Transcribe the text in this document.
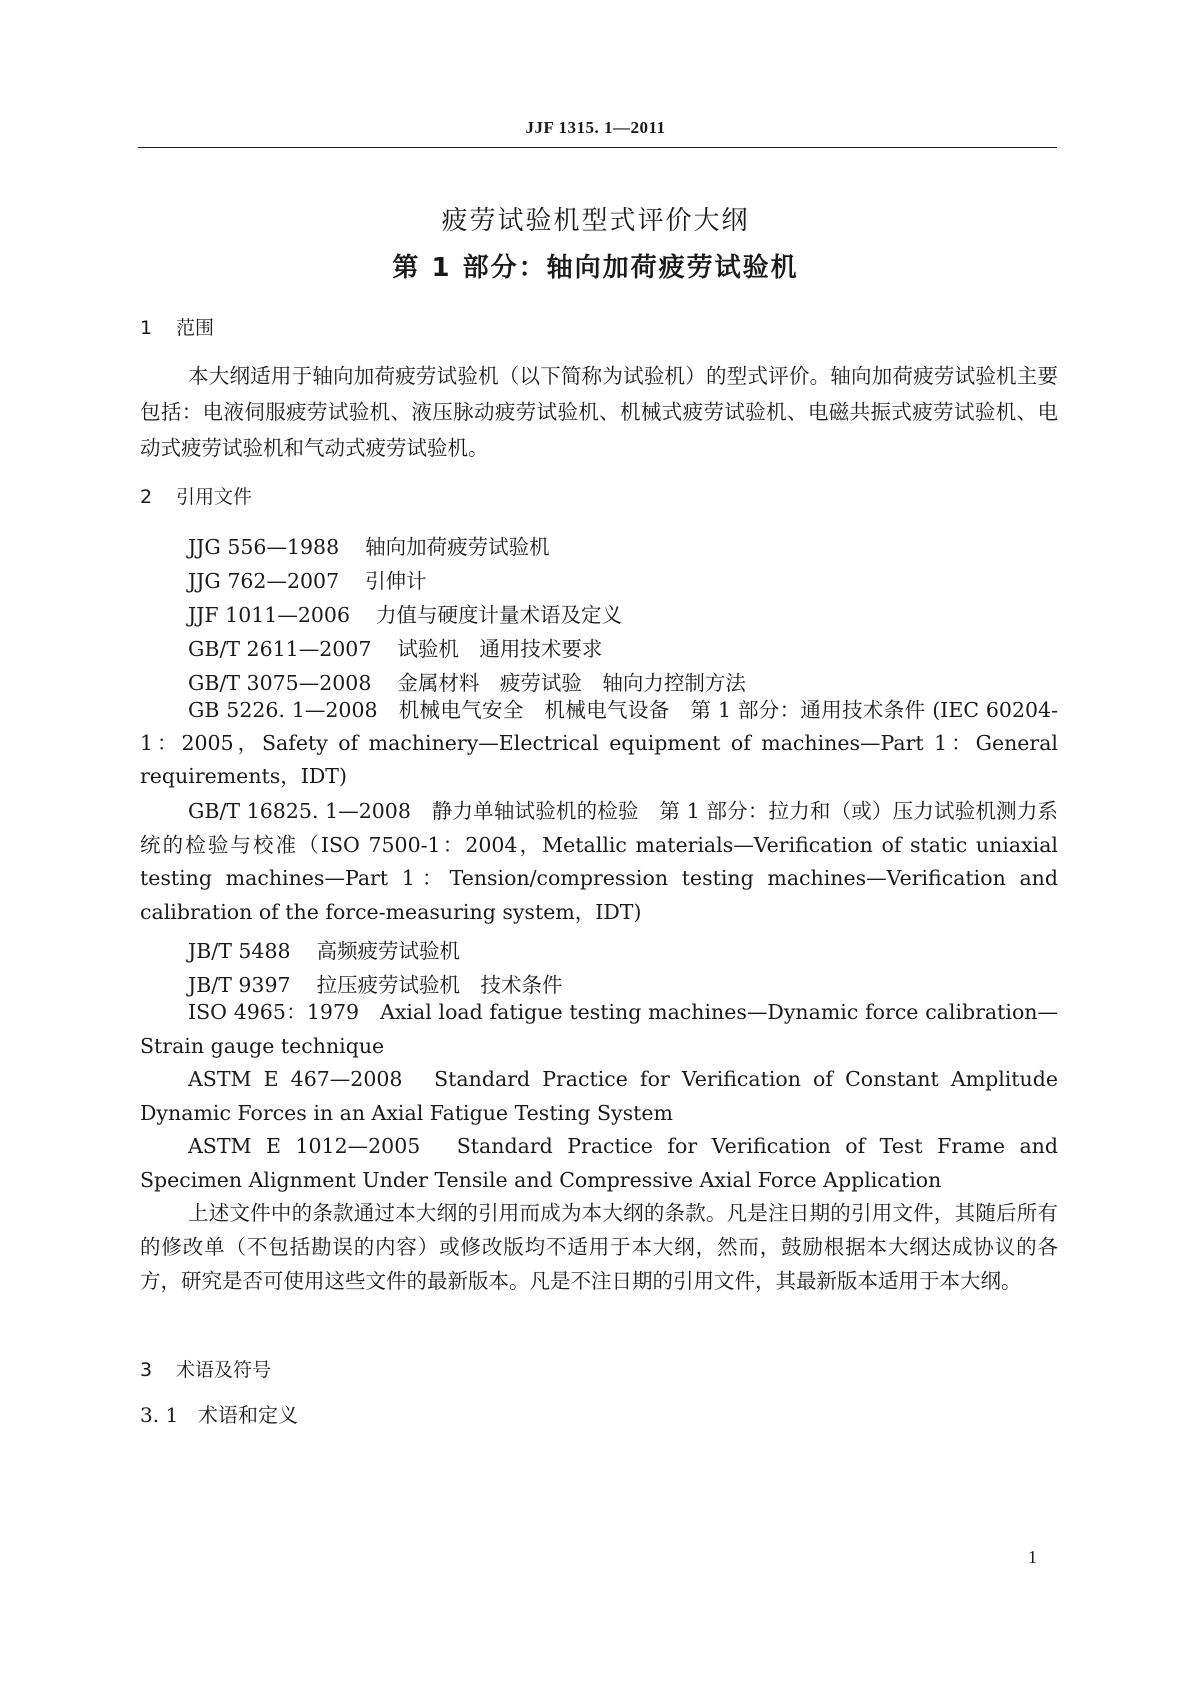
JJF 1315. 1—2011
疲劳试验机型式评价大纲
第 1 部分：轴向加荷疲劳试验机
1 范围
本大纲适用于轴向加荷疲劳试验机（以下简称为试验机）的型式评价。轴向加荷疲劳试验机主要包括：电液伺服疲劳试验机、液压脉动疲劳试验机、机械式疲劳试验机、电磁共振式疲劳试验机、电动式疲劳试验机和气动式疲劳试验机。
2 引用文件
JJG 556—1988 轴向加荷疲劳试验机
JJG 762—2007 引伸计
JJF 1011—2006 力值与硬度计量术语及定义
GB/T 2611—2007 试验机　通用技术要求
GB/T 3075—2008 金属材料　疲劳试验　轴向力控制方法
GB 5226. 1—2008　 机械电气安全　机械电气设备　第 1 部分：通用技术条件 (IEC 60204-1：2005，Safety of machinery—Electrical equipment of machines—Part 1：General requirements，IDT)
GB/T 16825. 1—2008　 静力单轴试验机的检验　第 1 部分：拉力和（或）压力试验机测力系统的检验与校准（ISO 7500-1：2004，Metallic materials—Verification of static uniaxial testing machines—Part 1：Tension/compression testing machines—Verification and calibration of the force-measuring system，IDT)
JB/T 5488 高频疲劳试验机
JB/T 9397 拉压疲劳试验机　技术条件
ISO 4965：1979　 Axial load fatigue testing machines—Dynamic force calibration—Strain gauge technique
ASTM E 467—2008　 Standard Practice for Verification of Constant Amplitude Dynamic Forces in an Axial Fatigue Testing System
ASTM E 1012—2005　 Standard Practice for Verification of Test Frame and Specimen Alignment Under Tensile and Compressive Axial Force Application
上述文件中的条款通过本大纲的引用而成为本大纲的条款。凡是注日期的引用文件，其随后所有的修改单（不包括勘误的内容）或修改版均不适用于本大纲，然而，鼓励根据本大纲达成协议的各方，研究是否可使用这些文件的最新版本。凡是不注日期的引用文件，其最新版本适用于本大纲。
3 术语及符号
3. 1 术语和定义
1
